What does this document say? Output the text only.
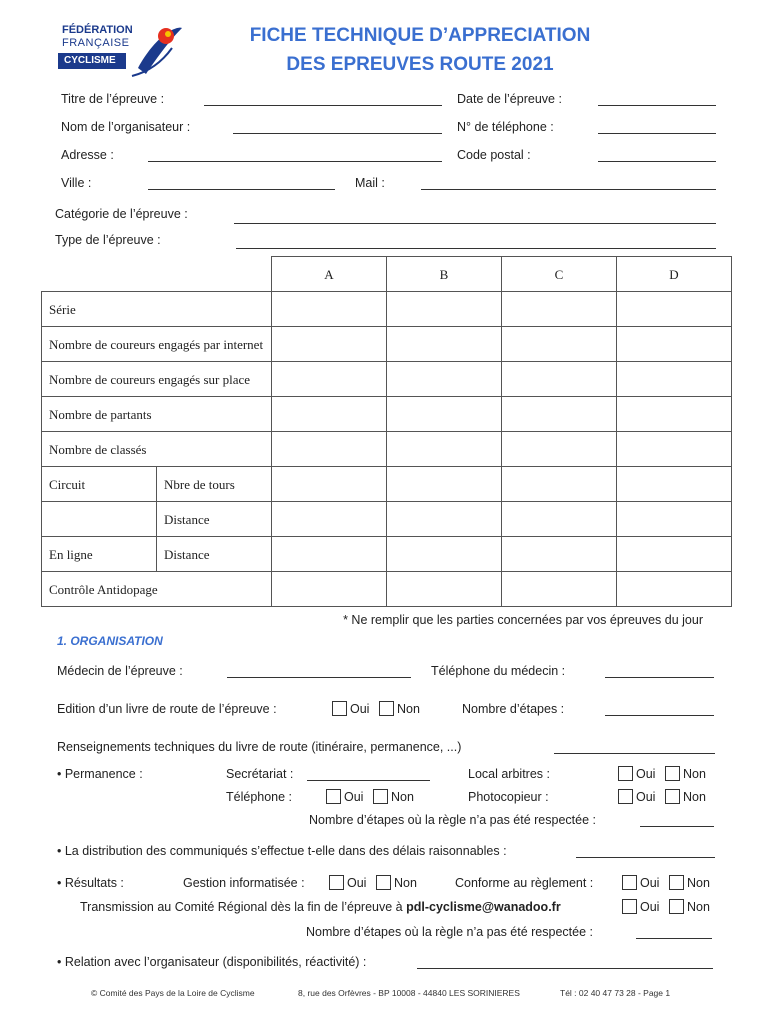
FÉDÉRATION
FRANÇAISE
CYCLISME
FICHE TECHNIQUE D’APPRECIATION
DES EPREUVES ROUTE 2021
Titre de l’épreuve :	Date de l’épreuve :
Nom de l’organisateur :	N° de téléphone :
Adresse :	Code postal :
Ville :	Mail :
Catégorie de l’épreuve :
Type de l’épreuve :
		A	B	C	D
Série					
Nombre de coureurs engagés par internet					
Nombre de coureurs engagés sur place					
Nombre de partants					
Nombre de classés					
Circuit	Nbre de tours				
	Distance				
En ligne	Distance				
Contrôle Antidopage					
* Ne remplir que les parties concernées par vos épreuves du jour
1. ORGANISATION
Médecin de l’épreuve :	Téléphone du médecin :
Edition d’un livre de route de l’épreuve :	Oui	Non	Nombre d’étapes :
Renseignements techniques du livre de route (itinéraire, permanence, ...)
• Permanence :	Secrétariat :	Local arbitres :	Oui	Non
Téléphone :	Oui	Non	Photocopieur :	Oui	Non
Nombre d’étapes où la règle n’a pas été respectée :
• La distribution des communiqués s’effectue t-elle dans des délais raisonnables :
• Résultats :	Gestion informatisée :	Oui	Non	Conforme au règlement :	Oui	Non
Transmission au Comité Régional dès la fin de l’épreuve à pdl-cyclisme@wanadoo.fr	Oui	Non
Nombre d’étapes où la règle n’a pas été respectée :
• Relation avec l’organisateur (disponibilités, réactivité) :
© Comité des Pays de la Loire de Cyclisme	8, rue des Orfèvres - BP 10008 - 44840 LES SORINIERES	Tél : 02 40 47 73 28 - Page 1
